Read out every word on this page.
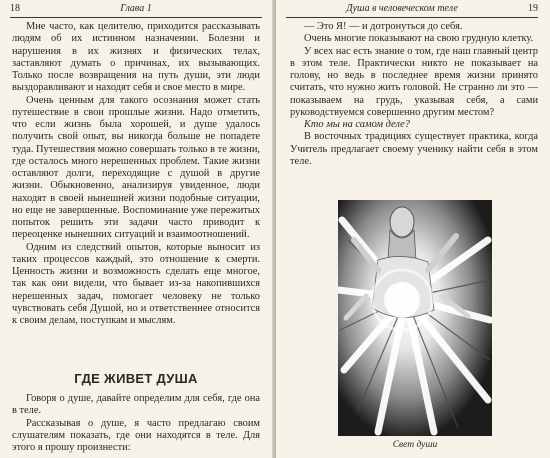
18	Глава 1

Мне часто, как целителю, приходится рассказывать людям об их истинном назначении. Болезни и нарушения в их жизнях и физических телах, заставляют думать о причинах, их вызывающих. Только после возвращения на путь души, эти люди выздоравливают и находят себя и свое место в мире.

Очень ценным для такого осознания может стать путешествие в свои прошлые жизни. Надо отметить, что если жизнь была хорошей, и душе удалось получить свой опыт, вы никогда больше не попадете туда. Путешествия можно совершать только в те жизни, где осталось много нерешенных проблем. Такие жизни оставляют долги, переходящие с душой в другие жизни. Обыкновенно, анализируя увиденное, люди находят в своей нынешней жизни подобные ситуации, но еще не завершенные. Воспоминание уже пережитых попыток решить эти задачи часто приводит к переоценке нынешних ситуаций и взаимоотношений.

Одним из следствий опытов, которые выносит из таких процессов каждый, это отношение к смерти. Ценность жизни и возможность сделать еще многое, так как они видели, что бывает из-за накопившихся нерешенных задач, помогает человеку не только чувствовать себя Душой, но и ответственнее относится к своим делам, поступкам и мыслям.

ГДЕ ЖИВЕТ ДУША

Говоря о душе, давайте определим для себя, где она в теле.

Рассказывая о душе, я часто предлагаю своим слушателям показать, где они находятся в теле. Для этого я прошу произнести:

Душа в человеческом теле	19

— Это Я! — и дотронуться до себя.

Очень многие показывают на свою грудную клетку.

У всех нас есть знание о том, где наш главный центр в этом теле. Практически никто не показывает на голову, но ведь в последнее время жизни принято считать, что нужно жить головой. Не странно ли это — показываем на грудь, указывая себя, а сами руководствуемся совершенно другим местом?

Кто мы на самом деле?

В восточных традициях существует практика, когда Учитель предлагает своему ученику найти себя в этом теле.

Свет души
